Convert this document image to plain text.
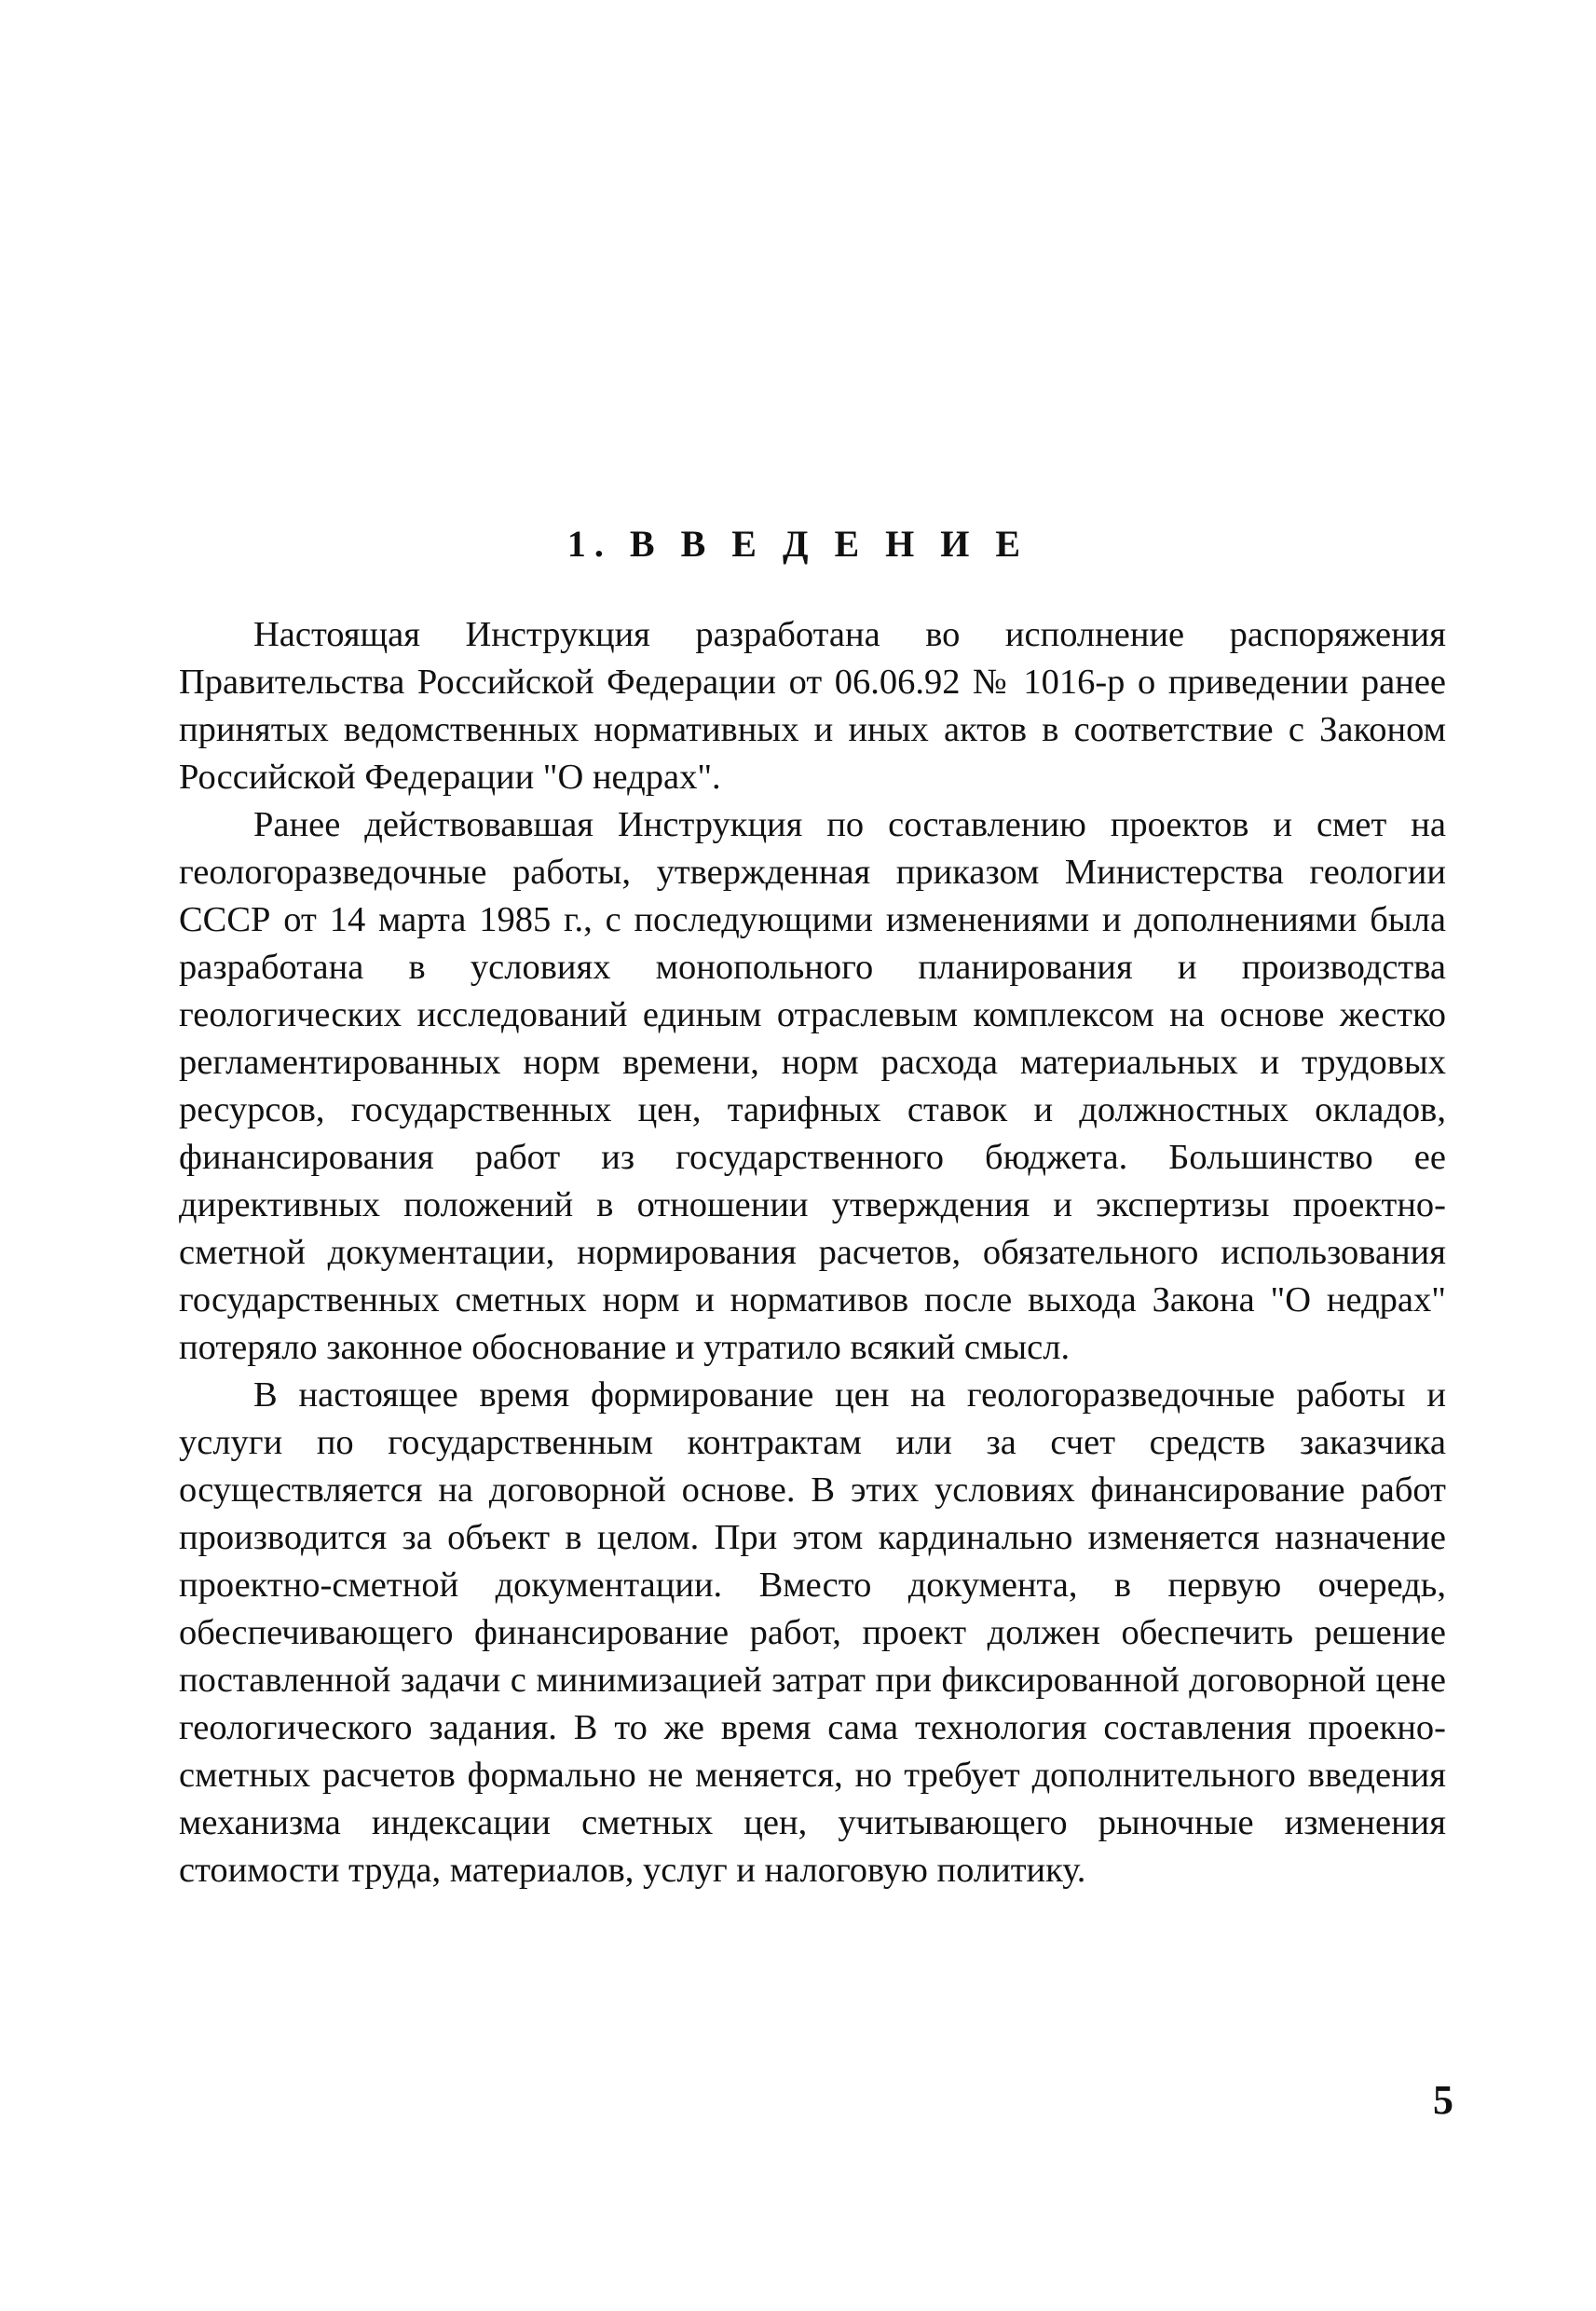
1. В В Е Д Е Н И Е

Настоящая Инструкция разработана во исполнение распоряжения Правительства Российской Федерации от 06.06.92 № 1016-р о приведении ранее принятых ведомственных нормативных и иных актов в соответствие с Законом Российской Федерации "О недрах".

Ранее действовавшая Инструкция по составлению проектов и смет на геологоразведочные работы, утвержденная приказом Министерства геологии СССР от 14 марта 1985 г., с последующими изменениями и дополнениями была разработана в условиях монопольного планирования и производства геологических исследований единым отраслевым комплексом на основе жестко регламентированных норм времени, норм расхода материальных и трудовых ресурсов, государственных цен, тарифных ставок и должностных окладов, финансирования работ из государственного бюджета. Большинство ее директивных положений в отношении утверждения и экспертизы проектно-сметной документации, нормирования расчетов, обязательного использования государственных сметных норм и нормативов после выхода Закона "О недрах" потеряло законное обоснование и утратило всякий смысл.

В настоящее время формирование цен на геологоразведочные работы и услуги по государственным контрактам или за счет средств заказчика осуществляется на договорной основе. В этих условиях финансирование работ производится за объект в целом. При этом кардинально изменяется назначение проектно-сметной документации. Вместо документа, в первую очередь, обеспечивающего финансирование работ, проект должен обеспечить решение поставленной задачи с минимизацией затрат при фиксированной договорной цене геологического задания. В то же время сама технология составления проекно-сметных расчетов формально не меняется, но требует дополнительного введения механизма индексации сметных цен, учитывающего рыночные изменения стоимости труда, материалов, услуг и налоговую политику.

5
